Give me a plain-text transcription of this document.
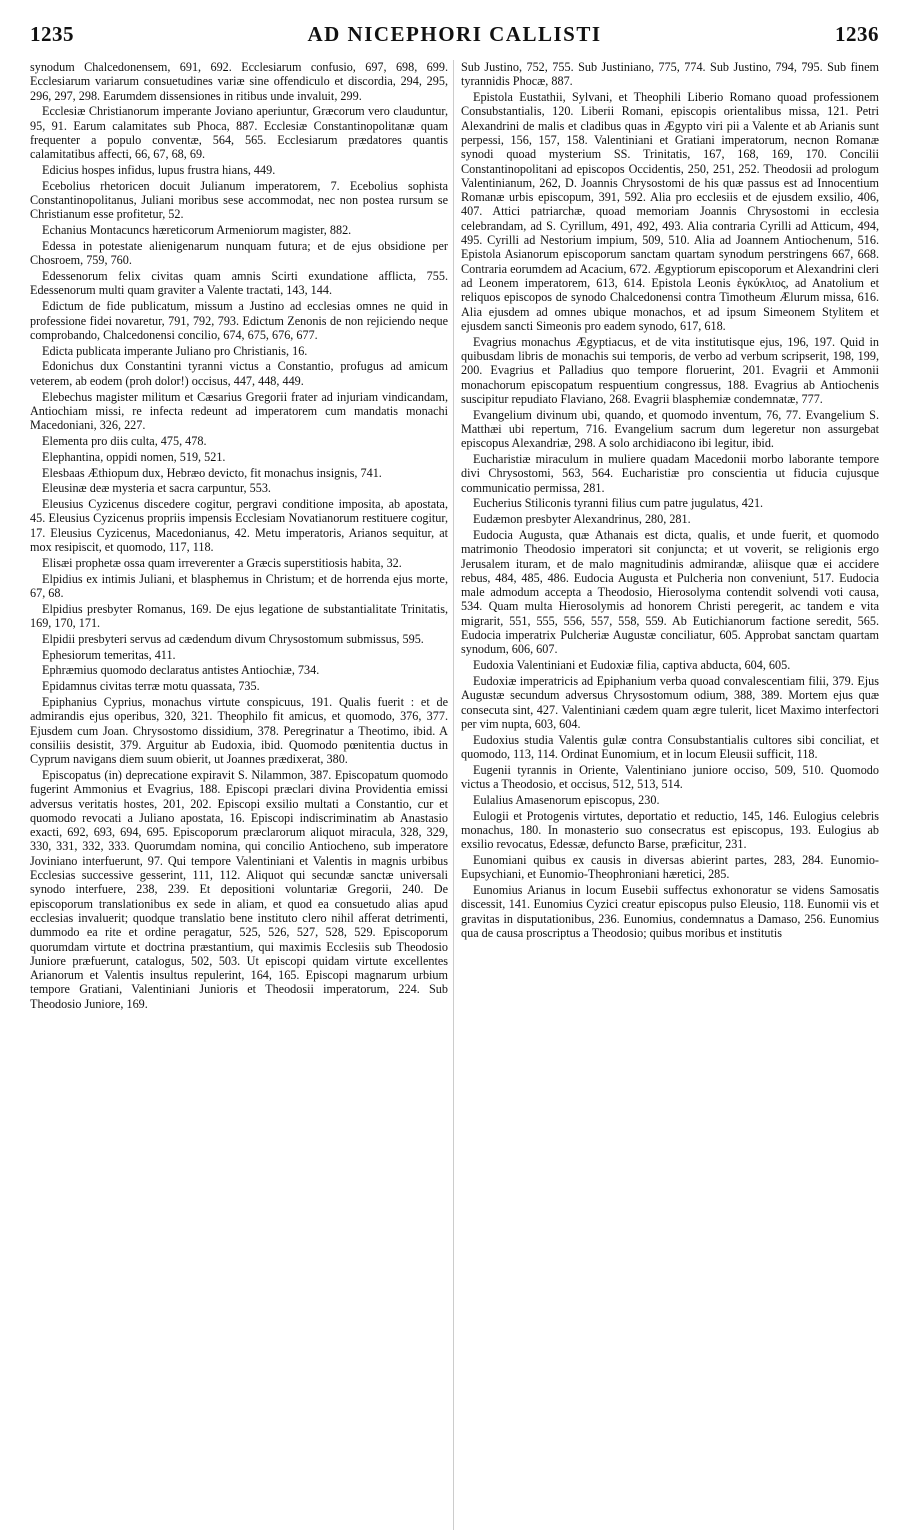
1235	AD NICEPHORI CALLISTI	1236

synodum Chalcedonensem, 691, 692. Ecclesiarum confusio, 697, 698, 699. Ecclesiarum variarum consuetudines variæ sine offendiculo et discordia, 294, 295, 296, 297, 298. Earumdem dissensiones in ritibus unde invaluit, 299.

Ecclesiæ Christianorum imperante Joviano aperiuntur, Græcorum vero clauduntur, 95, 91. Earum calamitates sub Phoca, 887. Ecclesiæ Constantinopolitanæ quam frequenter a populo conventæ, 564, 565. Ecclesiarum prædatores quantis calamitatibus affecti, 66, 67, 68, 69.

Edicius hospes infidus, lupus frustra hians, 449.

Ecebolius rhetoricen docuit Julianum imperatorem, 7. Ecebolius sophista Constantinopolitanus, Juliani moribus sese accommodat, nec non postea rursum se Christianum esse profitetur, 52.

Echanius Montacuncs hæreticorum Armeniorum magister, 882.

Edessa in potestate alienigenarum nunquam futura; et de ejus obsidione per Chosroem, 759, 760.

Edessenorum felix civitas quam amnis Scirti exundatione afflicta, 755. Edessenorum multi quam graviter a Valente tractati, 143, 144.

Edictum de fide publicatum, missum a Justino ad ecclesias omnes ne quid in professione fidei novaretur, 791, 792, 793. Edictum Zenonis de non rejiciendo neque comprobando, Chalcedonensi concilio, 674, 675, 676, 677.

Edicta publicata imperante Juliano pro Christianis, 16.

Edonichus dux Constantini tyranni victus a Constantio, profugus ad amicum veterem, ab eodem (proh dolor!) occisus, 447, 448, 449.

Elebechus magister militum et Cæsarius Gregorii frater ad injuriam vindicandam, Antiochiam missi, re infecta redeunt ad imperatorem cum mandatis monachi Macedoniani, 326, 227.

Elementa pro diis culta, 475, 478.

Elephantina, oppidi nomen, 519, 521.

Elesbaas Æthiopum dux, Hebræo devicto, fit monachus insignis, 741.

Eleusinæ deæ mysteria et sacra carpuntur, 553.

Eleusius Cyzicenus discedere cogitur, pergravi conditione imposita, ab apostata, 45. Eleusius Cyzicenus propriis impensis Ecclesiam Novatianorum restituere cogitur, 17. Eleusius Cyzicenus, Macedonianus, 42. Metu imperatoris, Arianos sequitur, at mox resipiscit, et quomodo, 117, 118.

Elisæi prophetæ ossa quam irreverenter a Græcis superstitiosis habita, 32.

Elpidius ex intimis Juliani, et blasphemus in Christum; et de horrenda ejus morte, 67, 68.

Elpidius presbyter Romanus, 169. De ejus legatione de substantialitate Trinitatis, 169, 170, 171.

Elpidii presbyteri servus ad cædendum divum Chrysostomum submissus, 595.

Ephesiorum temeritas, 411.

Ephræmius quomodo declaratus antistes Antiochiæ, 734.

Epidamnus civitas terræ motu quassata, 735.

Epiphanius Cyprius, monachus virtute conspicuus, 191. Qualis fuerit : et de admirandis ejus operibus, 320, 321. Theophilo fit amicus, et quomodo, 376, 377. Ejusdem cum Joan. Chrysostomo dissidium, 378. Peregrinatur a Theotimo, ibid. A consiliis desistit, 379. Arguitur ab Eudoxia, ibid. Quomodo pœnitentia ductus in Cyprum navigans diem suum obierit, ut Joannes prædixerat, 380.

Episcopatus (in) deprecatione expiravit S. Nilammon, 387. Episcopatum quomodo fugerint Ammonius et Evagrius, 188. Episcopi præclari divina Providentia emissi adversus veritatis hostes, 201, 202. Episcopi exsilio multati a Constantio, cur et quomodo revocati a Juliano apostata, 16. Episcopi indiscriminatim ab Anastasio exacti, 692, 693, 694, 695. Episcoporum præclarorum aliquot miracula, 328, 329, 330, 331, 332, 333. Quorumdam nomina, qui concilio Antiocheno, sub imperatore Joviniano interfuerunt, 97. Qui tempore Valentiniani et Valentis in magnis urbibus Ecclesias successive gesserint, 111, 112. Aliquot qui secundæ sanctæ universali synodo interfuere, 238, 239. Et depositioni voluntariæ Gregorii, 240. De episcoporum translationibus ex sede in aliam, et quod ea consuetudo alias apud ecclesias invaluerit; quodque translatio bene instituto clero nihil afferat detrimenti, dummodo ea rite et ordine peragatur, 525, 526, 527, 528, 529. Episcoporum quorumdam virtute et doctrina præstantium, qui maximis Ecclesiis sub Theodosio Juniore præfuerunt, catalogus, 502, 503. Ut episcopi quidam virtute excellentes Arianorum et Valentis insultus repulerint, 164, 165. Episcopi magnarum urbium tempore Gratiani, Valentiniani Junioris et Theodosii imperatorum, 224. Sub Theodosio Juniore, 169.

Sub Justino, 752, 755. Sub Justiniano, 775, 774. Sub Justino, 794, 795. Sub finem tyrannidis Phocæ, 887.

Epistola Eustathii, Sylvani, et Theophili Liberio Romano quoad professionem Consubstantialis, 120. Liberii Romani, episcopis orientalibus missa, 121. Petri Alexandrini de malis et cladibus quas in Ægypto viri pii a Valente et ab Arianis sunt perpessi, 156, 157, 158. Valentiniani et Gratiani imperatorum, necnon Romanæ synodi quoad mysterium SS. Trinitatis, 167, 168, 169, 170. Concilii Constantinopolitani ad episcopos Occidentis, 250, 251, 252. Theodosii ad prologum Valentinianum, 262, D. Joannis Chrysostomi de his quæ passus est ad Innocentium Romanæ urbis episcopum, 391, 592. Alia pro ecclesiis et de ejusdem exsilio, 406, 407. Attici patriarchæ, quoad memoriam Joannis Chrysostomi in ecclesia celebrandam, ad S. Cyrillum, 491, 492, 493. Alia contraria Cyrilli ad Atticum, 494, 495. Cyrilli ad Nestorium impium, 509, 510. Alia ad Joannem Antiochenum, 516. Epistola Asianorum episcoporum sanctam quartam synodum perstringens 667, 668. Contraria eorumdem ad Acacium, 672. Ægyptiorum episcoporum et Alexandrini cleri ad Leonem imperatorem, 613, 614. Epistola Leonis ἐγκύκλιος, ad Anatolium et reliquos episcopos de synodo Chalcedonensi contra Timotheum Ælurum missa, 616. Alia ejusdem ad omnes ubique monachos, et ad ipsum Simeonem Stylitem et ejusdem sancti Simeonis pro eadem synodo, 617, 618.

Evagrius monachus Ægyptiacus, et de vita institutisque ejus, 196, 197. Quid in quibusdam libris de monachis sui temporis, de verbo ad verbum scripserit, 198, 199, 200. Evagrius et Palladius quo tempore floruerint, 201. Evagrii et Ammonii monachorum episcopatum respuentium congressus, 188. Evagrius ab Antiochenis suscipitur repudiato Flaviano, 268. Evagrii blasphemiæ condemnatæ, 777.

Evangelium divinum ubi, quando, et quomodo inventum, 76, 77. Evangelium S. Matthæi ubi repertum, 716. Evangelium sacrum dum legeretur non assurgebat episcopus Alexandriæ, 298. A solo archidiacono ibi legitur, ibid.

Eucharistiæ miraculum in muliere quadam Macedonii morbo laborante tempore divi Chrysostomi, 563, 564. Eucharistiæ pro conscientia ut fiducia cujusque communicatio permissa, 281.

Eucherius Stiliconis tyranni filius cum patre jugulatus, 421.

Eudæmon presbyter Alexandrinus, 280, 281.

Eudocia Augusta, quæ Athanais est dicta, qualis, et unde fuerit, et quomodo matrimonio Theodosio imperatori sit conjuncta; et ut voverit, se religionis ergo Jerusalem ituram, et de malo magnitudinis admirandæ, aliisque quæ ei accidere rebus, 484, 485, 486. Eudocia Augusta et Pulcheria non conveniunt, 517. Eudocia male admodum accepta a Theodosio, Hierosolyma contendit solvendi voti causa, 534. Quam multa Hierosolymis ad honorem Christi peregerit, ac tandem e vita migrarit, 551, 555, 556, 557, 558, 559. Ab Eutichianorum factione seredit, 565. Eudocia imperatrix Pulcheriæ Augustæ conciliatur, 605. Approbat sanctam quartam synodum, 606, 607.

Eudoxia Valentiniani et Eudoxiæ filia, captiva abducta, 604, 605.

Eudoxiæ imperatricis ad Epiphanium verba quoad convalescentiam filii, 379. Ejus Augustæ secundum adversus Chrysostomum odium, 388, 389. Mortem ejus quæ consecuta sint, 427. Valentiniani cædem quam ægre tulerit, licet Maximo interfectori per vim nupta, 603, 604.

Eudoxius studia Valentis gulæ contra Consubstantialis cultores sibi conciliat, et quomodo, 113, 114. Ordinat Eunomium, et in locum Eleusii sufficit, 118.

Eugenii tyrannis in Oriente, Valentiniano juniore occiso, 509, 510. Quomodo victus a Theodosio, et occisus, 512, 513, 514.

Eulalius Amasenorum episcopus, 230.

Eulogii et Protogenis virtutes, deportatio et reductio, 145, 146. Eulogius celebris monachus, 180. In monasterio suo consecratus est episcopus, 193. Eulogius ab exsilio revocatus, Edessæ, defuncto Barse, præficitur, 231.

Eunomiani quibus ex causis in diversas abierint partes, 283, 284. Eunomio-Eupsychiani, et Eunomio-Theophroniani hæretici, 285.

Eunomius Arianus in locum Eusebii suffectus exhonoratur se videns Samosatis discessit, 141. Eunomius Cyzici creatur episcopus pulso Eleusio, 118. Eunomii vis et gravitas in disputationibus, 236. Eunomius, condemnatus a Damaso, 256. Eunomius qua de causa proscriptus a Theodosio; quibus moribus et institutis
